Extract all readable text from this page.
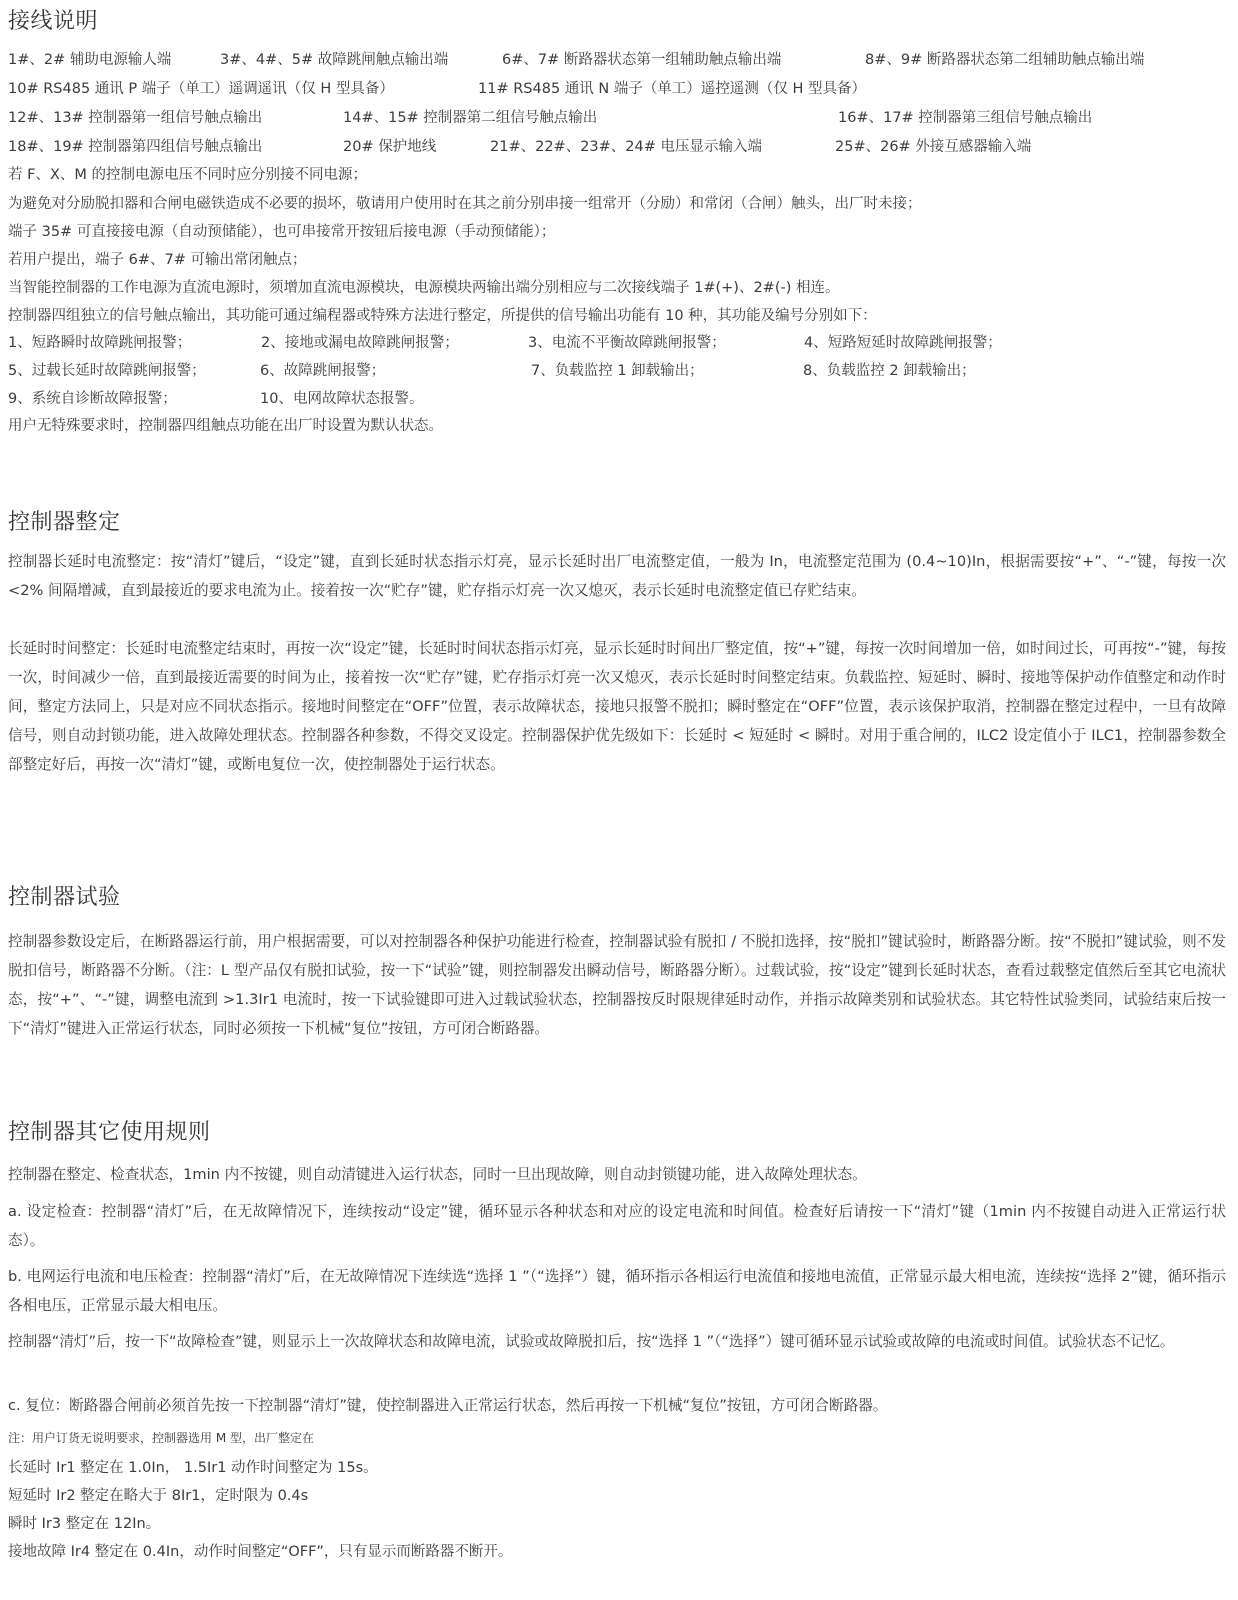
接线说明
1#、2# 辅助电源输人端	3#、4#、5# 故障跳闸触点输出端	6#、7# 断路器状态第一组辅助触点输出端	8#、9# 断路器状态第二组辅助触点输出端
10# RS485 通讯 P 端子（单工）遥调遥讯（仅 H 型具备）	11# RS485 通讯 N 端子（单工）遥控遥测（仅 H 型具备）
12#、13# 控制器第一组信号触点输出	14#、15# 控制器第二组信号触点输出	16#、17# 控制器第三组信号触点输出
18#、19# 控制器第四组信号触点输出	20# 保护地线	21#、22#、23#、24# 电压显示输入端	25#、26# 外接互感器输入端
若 F、X、M 的控制电源电压不同时应分别接不同电源；
为避免对分励脱扣器和合闸电磁铁造成不必要的损坏，敬请用户使用时在其之前分别串接一组常开（分励）和常闭（合闸）触头，出厂时未接；
端子 35# 可直接接电源（自动预储能），也可串接常开按钮后接电源（手动预储能）；
若用户提出，端子 6#、7# 可输出常闭触点；
当智能控制器的工作电源为直流电源时，须增加直流电源模块，电源模块两输出端分别相应与二次接线端子 1#(+)、2#(-) 相连。
控制器四组独立的信号触点输出，其功能可通过编程器或特殊方法进行整定，所提供的信号输出功能有 10 种，其功能及编号分别如下：
1、短路瞬时故障跳闸报警；	2、接地或漏电故障跳闸报警；	3、电流不平衡故障跳闸报警；	4、短路短延时故障跳闸报警；
5、过载长延时故障跳闸报警；	6、故障跳闸报警；	7、负载监控 1 卸载输出；	8、负载监控 2 卸载输出；
9、系统自诊断故障报警；	10、电网故障状态报警。
用户无特殊要求时，控制器四组触点功能在出厂时设置为默认状态。
控制器整定

控制器长延时电流整定：按“清灯”键后，“设定”键，直到长延时状态指示灯亮，显示长延时出厂电流整定值，一般为 In，电流整定范围为 (0.4~10)In，根据需要按“+”、“-”键，每按一次 <2% 间隔增减，直到最接近的要求电流为止。接着按一次“贮存”键，贮存指示灯亮一次又熄灭，表示长延时电流整定值已存贮结束。

长延时时间整定：长延时电流整定结束时，再按一次“设定”键，长延时时间状态指示灯亮，显示长延时时间出厂整定值，按“+”键，每按一次时间增加一倍，如时间过长，可再按“-”键，每按一次，时间减少一倍，直到最接近需要的时间为止，接着按一次“贮存”键，贮存指示灯亮一次又熄灭，表示长延时时间整定结束。负载监控、短延时、瞬时、接地等保护动作值整定和动作时间，整定方法同上，只是对应不同状态指示。接地时间整定在“OFF”位置，表示故障状态，接地只报警不脱扣；瞬时整定在“OFF”位置，表示该保护取消，控制器在整定过程中，一旦有故障信号，则自动封锁功能，进入故障处理状态。控制器各种参数，不得交叉设定。控制器保护优先级如下：长延时 < 短延时 < 瞬时。对用于重合闸的，ILC2 设定值小于 ILC1，控制器参数全部整定好后，再按一次“清灯”键，或断电复位一次，使控制器处于运行状态。

控制器试验

控制器参数设定后，在断路器运行前，用户根据需要，可以对控制器各种保护功能进行检查，控制器试验有脱扣 / 不脱扣选择，按“脱扣”键试验时，断路器分断。按“不脱扣”键试验，则不发脱扣信号，断路器不分断。（注：L 型产品仅有脱扣试验，按一下“试验”键，则控制器发出瞬动信号，断路器分断）。过载试验，按“设定”键到长延时状态，查看过载整定值然后至其它电流状态，按“+”、“-”键，调整电流到 >1.3Ir1 电流时，按一下试验键即可进入过载试验状态，控制器按反时限规律延时动作，并指示故障类别和试验状态。其它特性试验类同，试验结束后按一下“清灯”键进入正常运行状态，同时必须按一下机械“复位”按钮，方可闭合断路器。

控制器其它使用规则

控制器在整定、检查状态，1min 内不按键，则自动清键进入运行状态，同时一旦出现故障，则自动封锁键功能，进入故障处理状态。

a. 设定检查：控制器“清灯”后，在无故障情况下，连续按动“设定”键，循环显示各种状态和对应的设定电流和时间值。检查好后请按一下“清灯”键（1min 内不按键自动进入正常运行状态）。

b. 电网运行电流和电压检查：控制器“清灯”后，在无故障情况下连续选“选择 1 ”（“选择”）键，循环指示各相运行电流值和接地电流值，正常显示最大相电流，连续按“选择 2”键，循环指示各相电压，正常显示最大相电压。

控制器“清灯”后，按一下“故障检查”键，则显示上一次故障状态和故障电流，试验或故障脱扣后，按“选择 1 ”（“选择”）键可循环显示试验或故障的电流或时间值。试验状态不记忆。

c. 复位：断路器合闸前必须首先按一下控制器“清灯”键，使控制器进入正常运行状态，然后再按一下机械“复位”按钮，方可闭合断路器。

注：用户订货无说明要求，控制器选用 M 型，出厂整定在
长延时 Ir1 整定在 1.0In， 1.5Ir1 动作时间整定为 15s。
短延时 Ir2 整定在略大于 8Ir1，定时限为 0.4s
瞬时 Ir3 整定在 12In。
接地故障 Ir4 整定在 0.4In，动作时间整定“OFF”，只有显示而断路器不断开。
